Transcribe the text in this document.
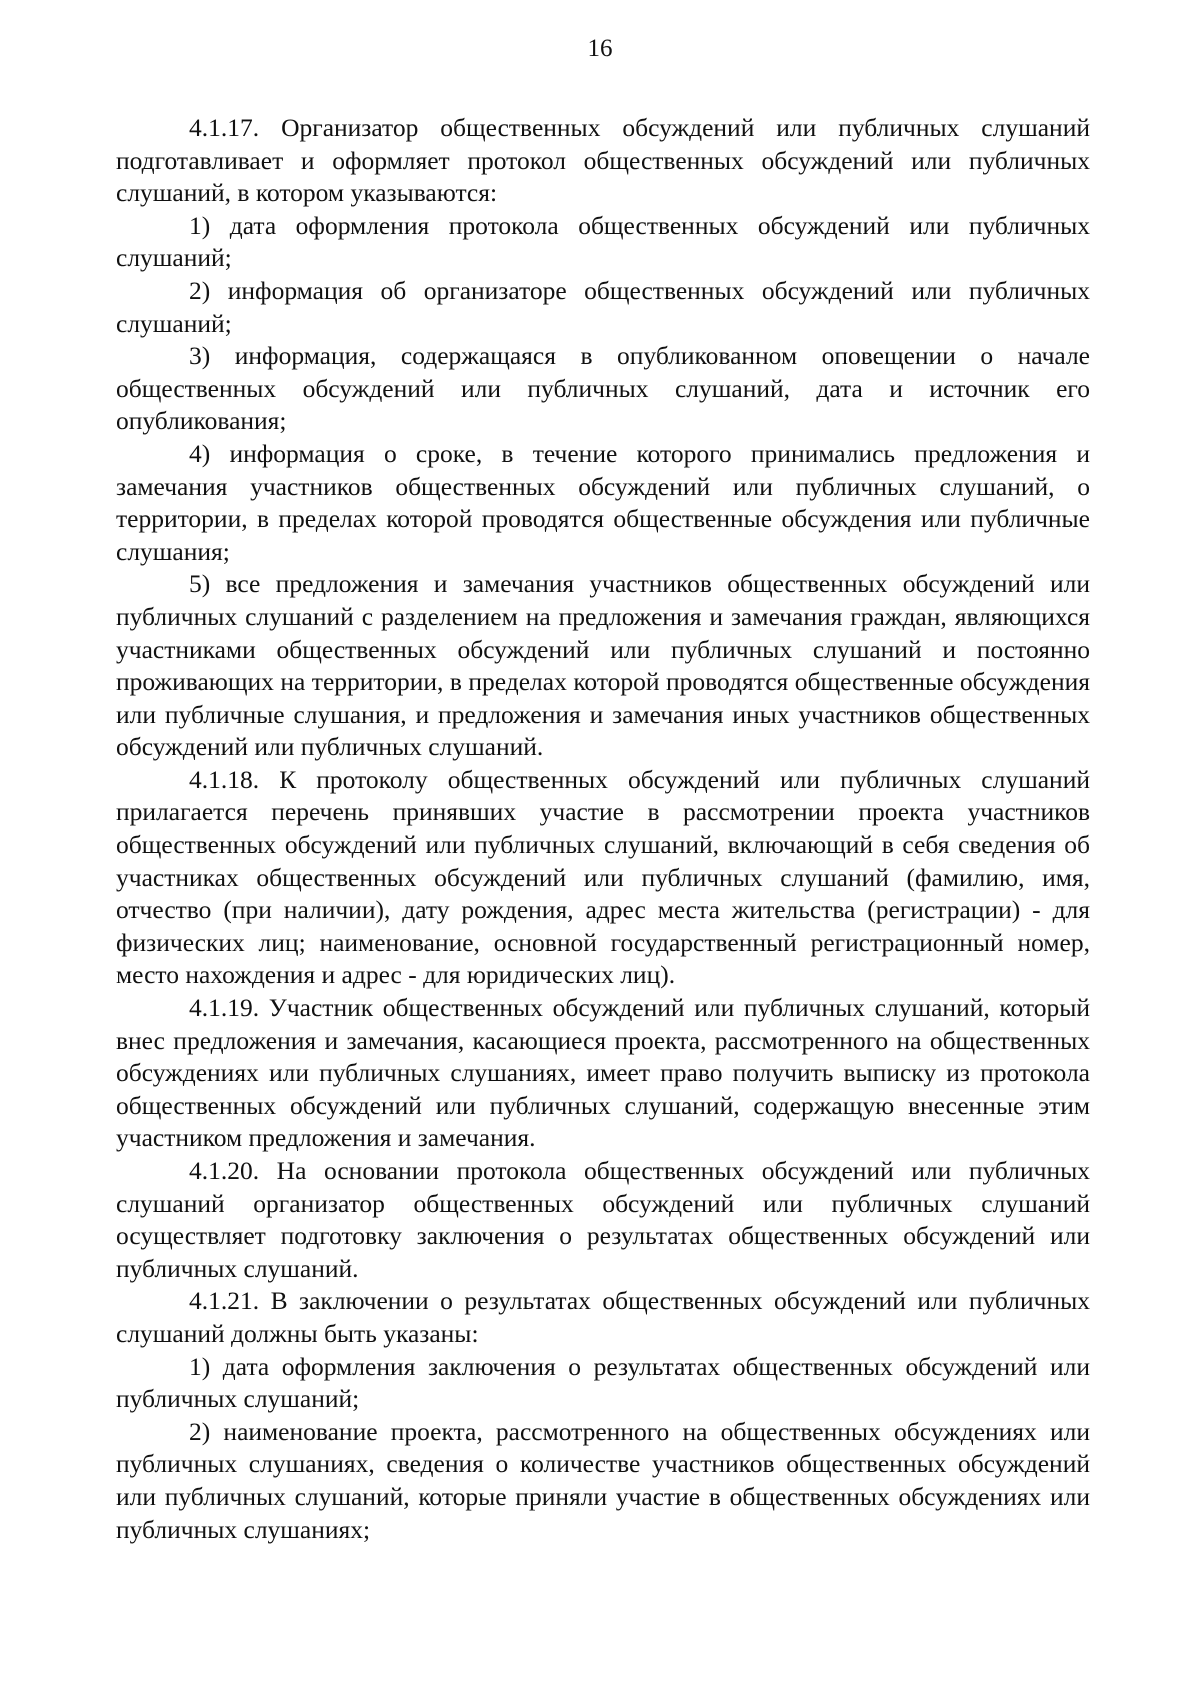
16

4.1.17. Организатор общественных обсуждений или публичных слушаний подготавливает и оформляет протокол общественных обсуждений или публичных слушаний, в котором указываются:

1) дата оформления протокола общественных обсуждений или публичных слушаний;

2) информация об организаторе общественных обсуждений или публичных слушаний;

3) информация, содержащаяся в опубликованном оповещении о начале общественных обсуждений или публичных слушаний, дата и источник его опубликования;

4) информация о сроке, в течение которого принимались предложения и замечания участников общественных обсуждений или публичных слушаний, о территории, в пределах которой проводятся общественные обсуждения или публичные слушания;

5) все предложения и замечания участников общественных обсуждений или публичных слушаний с разделением на предложения и замечания граждан, являющихся участниками общественных обсуждений или публичных слушаний и постоянно проживающих на территории, в пределах которой проводятся общественные обсуждения или публичные слушания, и предложения и замечания иных участников общественных обсуждений или публичных слушаний.

4.1.18. К протоколу общественных обсуждений или публичных слушаний прилагается перечень принявших участие в рассмотрении проекта участников общественных обсуждений или публичных слушаний, включающий в себя сведения об участниках общественных обсуждений или публичных слушаний (фамилию, имя, отчество (при наличии), дату рождения, адрес места жительства (регистрации) - для физических лиц; наименование, основной государственный регистрационный номер, место нахождения и адрес - для юридических лиц).

4.1.19. Участник общественных обсуждений или публичных слушаний, который внес предложения и замечания, касающиеся проекта, рассмотренного на общественных обсуждениях или публичных слушаниях, имеет право получить выписку из протокола общественных обсуждений или публичных слушаний, содержащую внесенные этим участником предложения и замечания.

4.1.20. На основании протокола общественных обсуждений или публичных слушаний организатор общественных обсуждений или публичных слушаний осуществляет подготовку заключения о результатах общественных обсуждений или публичных слушаний.

4.1.21. В заключении о результатах общественных обсуждений или публичных слушаний должны быть указаны:

1) дата оформления заключения о результатах общественных обсуждений или публичных слушаний;

2) наименование проекта, рассмотренного на общественных обсуждениях или публичных слушаниях, сведения о количестве участников общественных обсуждений или публичных слушаний, которые приняли участие в общественных обсуждениях или публичных слушаниях;
